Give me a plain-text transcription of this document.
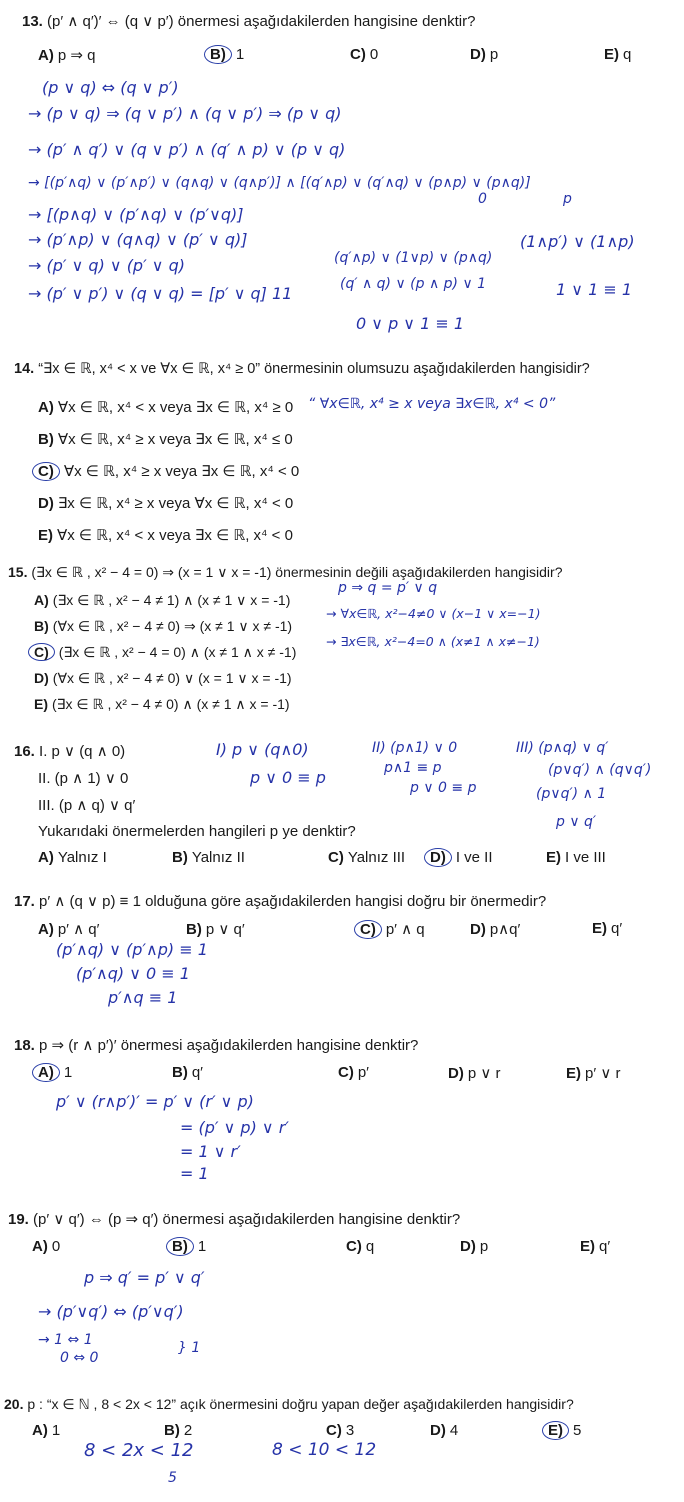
13. (p′ ∧ q′)′ ⇔ (q ∨ p′) önermesi aşağıdakilerden hangisine denktir?
A) p ⇒ q	B) 1	C) 0	D) p	E) q
(p ∨ q) ⇔ (q ∨ p′)
→ (p ∨ q) ⇒ (q ∨ p′) ∧ (q ∨ p′) ⇒ (p ∨ q)
→ (p′ ∧ q′) ∨ (q ∨ p′) ∧ (q′ ∧ p) ∨ (p ∨ q)
→ [(p′∧q) ∨ (p′∧p′) ∨ (q∧q) ∨ (q∧p′)] ∧ [(q′∧p) ∨ (q′∧q) ∨ (p∧p) ∨ (p∧q)]
→ [(p∧q) ∨ (p′∧q) ∨ (p′∨q)]
→ (p′∧p) ∨ (q∧q) ∨ (p′ ∨ q)]
→ (p′ ∨ q) ∨ (p′ ∨ q)
→ (p′ ∨ p′) ∨ (q ∨ q) = [p′ ∨ q] 11
(q′∧p) ∨ (1∨p) ∨ (p∧q)
(q′ ∧ q) ∨ (p ∧ p) ∨ 1
(1∧p′) ∨ (1∧p)
1 ∨ 1 ≡ 1
0 ∨ p ∨ 1 ≡ 1
0	p
14. “∃x ∈ ℝ, x⁴ < x ve ∀x ∈ ℝ, x⁴ ≥ 0” önermesinin olumsuzu aşağıdakilerden hangisidir?
A) ∀x ∈ ℝ, x⁴ < x veya ∃x ∈ ℝ, x⁴ ≥ 0
B) ∀x ∈ ℝ, x⁴ ≥ x veya ∃x ∈ ℝ, x⁴ ≤ 0
C) ∀x ∈ ℝ, x⁴ ≥ x veya ∃x ∈ ℝ, x⁴ < 0
D) ∃x ∈ ℝ, x⁴ ≥ x veya ∀x ∈ ℝ, x⁴ < 0
E) ∀x ∈ ℝ, x⁴ < x veya ∃x ∈ ℝ, x⁴ < 0
“ ∀x∈ℝ, x⁴ ≥ x veya ∃x∈ℝ, x⁴ < 0”
15. (∃x ∈ ℝ , x² − 4 = 0) ⇒ (x = 1 ∨ x = -1) önermesinin değili aşağıdakilerden hangisidir?
A) (∃x ∈ ℝ , x² − 4 ≠ 1) ∧ (x ≠ 1 ∨ x = -1)
B) (∀x ∈ ℝ , x² − 4 ≠ 0) ⇒ (x ≠ 1 ∨ x ≠ -1)
C) (∃x ∈ ℝ , x² − 4 = 0) ∧ (x ≠ 1 ∧ x ≠ -1)
D) (∀x ∈ ℝ , x² − 4 ≠ 0) ∨ (x = 1 ∨ x = -1)
E) (∃x ∈ ℝ , x² − 4 ≠ 0) ∧ (x ≠ 1 ∧ x = -1)
p ⇒ q = p′ ∨ q
→ ∀x∈ℝ, x²−4≠0 ∨ (x−1 ∨ x=−1)
→ ∃x∈ℝ, x²−4=0 ∧ (x≠1 ∧ x≠−1)
16. I. p ∨ (q ∧ 0)
II. (p ∧ 1) ∨ 0
III. (p ∧ q) ∨ q′
Yukarıdaki önermelerden hangileri p ye denktir?
A) Yalnız I	B) Yalnız II	C) Yalnız III D) I ve II	E) I ve III
I) p ∨ (q∧0)
p ∨ 0 ≡ p
II) (p∧1) ∨ 0
p∧1 ≡ p
p ∨ 0 ≡ p
III) (p∧q) ∨ q′
(p∨q′) ∧ (q∨q′)
(p∨q′) ∧ 1
p ∨ q′
17. p′ ∧ (q ∨ p) ≡ 1 olduğuna göre aşağıdakilerden hangisi doğru bir önermedir?
A) p′ ∧ q′	B) p ∨ q′	C) p′ ∧ q	D) p∧q′	E) q′
(p′∧q) ∨ (p′∧p) ≡ 1
(p′∧q) ∨ 0 ≡ 1
p′∧q ≡ 1
18. p ⇒ (r ∧ p′)′ önermesi aşağıdakilerden hangisine denktir?
A) 1	B) q′	C) p′	D) p ∨ r	E) p′ ∨ r
p′ ∨ (r∧p′)′ = p′ ∨ (r′ ∨ p)
= (p′ ∨ p) ∨ r′
= 1 ∨ r′
= 1
19. (p′ ∨ q′) ⇔ (p ⇒ q′) önermesi aşağıdakilerden hangisine denktir?
A) 0	B) 1	C) q	D) p	E) q′
p ⇒ q′ = p′ ∨ q′
→ (p′∨q′) ⇔ (p′∨q′)
→ 1 ⇔ 1
0 ⇔ 0
} 1
20. p : “x ∈ ℕ , 8 < 2x < 12” açık önermesini doğru yapan değer aşağıdakilerden hangisidir?
A) 1	B) 2	C) 3	D) 4	E) 5
8 < 2x < 12
5
8 < 10 < 12
